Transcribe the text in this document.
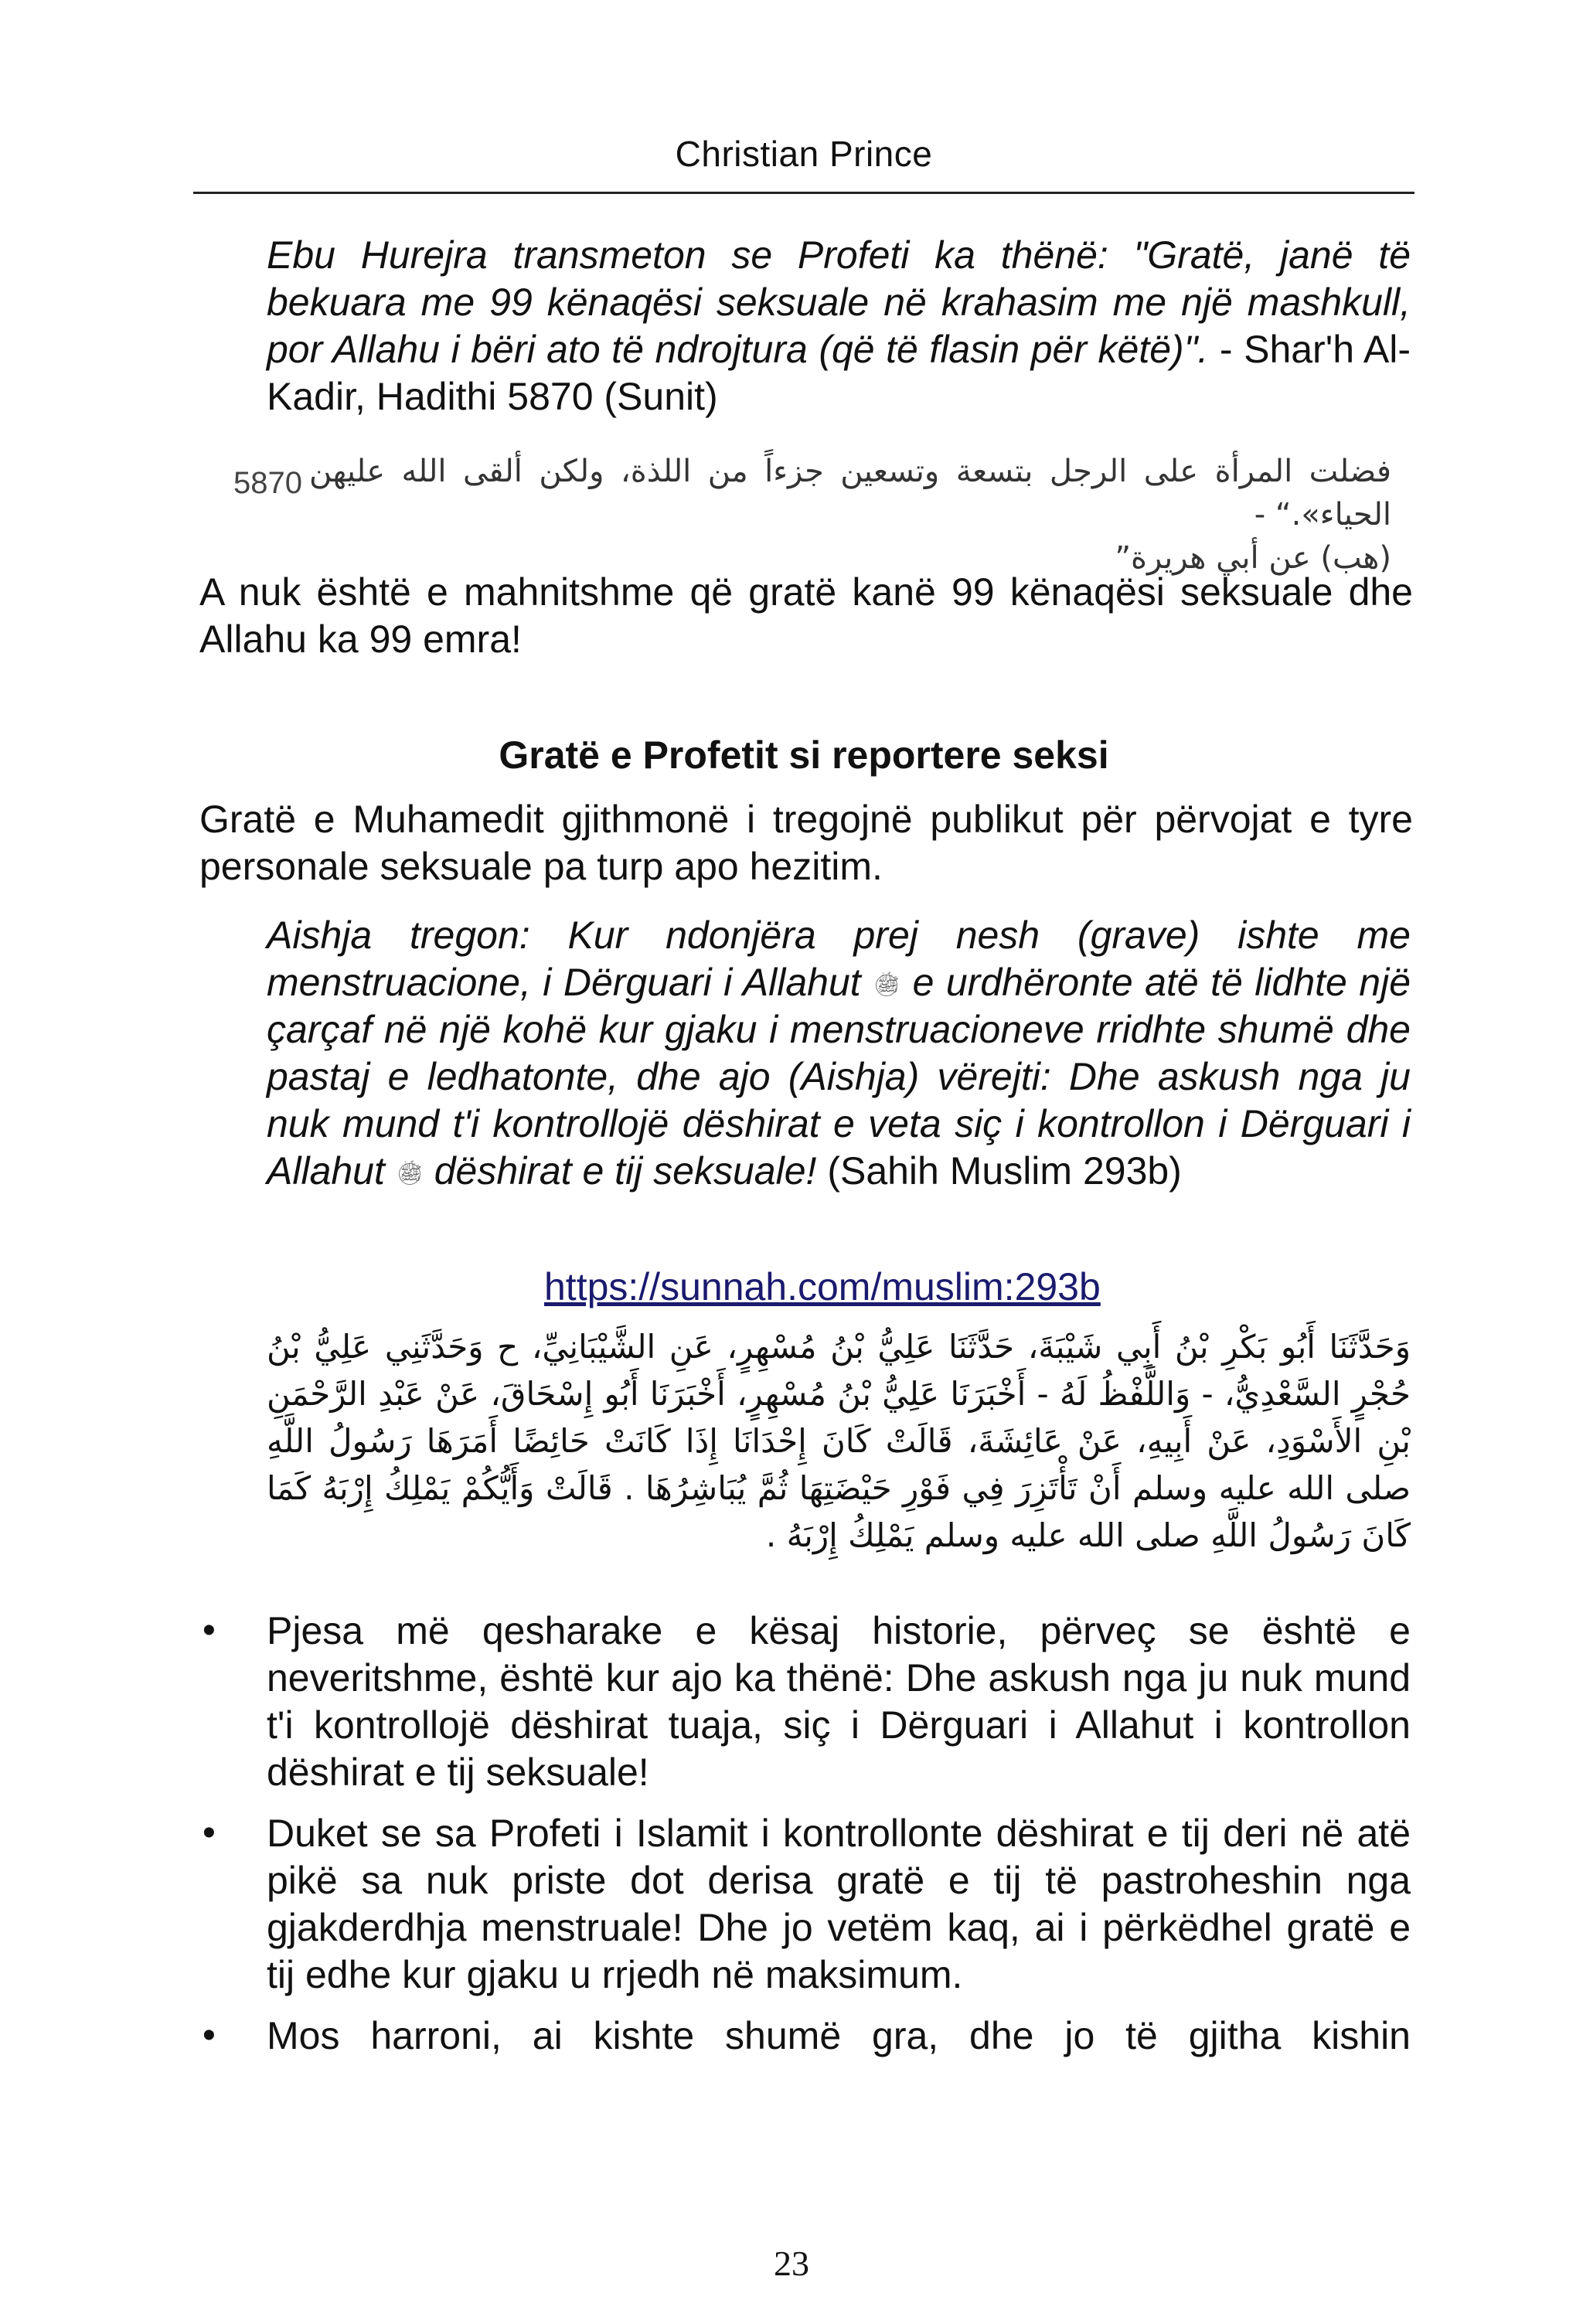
Christian Prince
Ebu Hurejra transmeton se Profeti ka thënë: "Gratë, janë të bekuara me 99 kënaqësi seksuale në krahasim me një mashkull, por Allahu i bëri ato të ndrojtura (që të flasin për këtë)". - Shar'h Al-Kadir, Hadithi 5870 (Sunit)
فضلت المرأة على الرجل بتسعة وتسعين جزءاً من اللذة، ولكن ألقى الله عليهن الحياء».“ -
(هب) عن أبي هريرة”
5870
A nuk është e mahnitshme që gratë kanë 99 kënaqësi seksuale dhe Allahu ka 99 emra!
Gratë e Profetit si reportere seksi
Gratë e Muhamedit gjithmonë i tregojnë publikut për përvojat e tyre personale seksuale pa turp apo hezitim.
Aishja tregon: Kur ndonjëra prej nesh (grave) ishte me menstruacione, i Dërguari i Allahut ﷺ e urdhëronte atë të lidhte një çarçaf në një kohë kur gjaku i menstruacioneve rridhte shumë dhe pastaj e ledhatonte, dhe ajo (Aishja) vërejti: Dhe askush nga ju nuk mund t'i kontrollojë dëshirat e veta siç i kontrollon i Dërguari i Allahut ﷺ dëshirat e tij seksuale! (Sahih Muslim 293b)
https://sunnah.com/muslim:293b
وَحَدَّثَنَا أَبُو بَكْرِ بْنُ أَبِي شَيْبَةَ، حَدَّثَنَا عَلِيُّ بْنُ مُسْهِرٍ، عَنِ الشَّيْبَانِيِّ، ح وَحَدَّثَنِي عَلِيُّ بْنُ حُجْرٍ السَّعْدِيُّ، - وَاللَّفْظُ لَهُ - أَخْبَرَنَا عَلِيُّ بْنُ مُسْهِرٍ، أَخْبَرَنَا أَبُو إِسْحَاقَ، عَنْ عَبْدِ الرَّحْمَنِ بْنِ الأَسْوَدِ، عَنْ أَبِيهِ، عَنْ عَائِشَةَ، قَالَتْ كَانَ إِحْدَانَا إِذَا كَانَتْ حَائِضًا أَمَرَهَا رَسُولُ اللَّهِ صلى الله عليه وسلم أَنْ تَأْتَزِرَ فِي فَوْرِ حَيْضَتِهَا ثُمَّ يُبَاشِرُهَا ‏.‏ قَالَتْ وَأَيُّكُمْ يَمْلِكُ إِرْبَهُ كَمَا كَانَ رَسُولُ اللَّهِ صلى الله عليه وسلم يَمْلِكُ إِرْبَهُ ‏.
• Pjesa më qesharake e kësaj historie, përveç se është e neveritshme, është kur ajo ka thënë: Dhe askush nga ju nuk mund t'i kontrollojë dëshirat tuaja, siç i Dërguari i Allahut i kontrollon dëshirat e tij seksuale!
• Duket se sa Profeti i Islamit i kontrollonte dëshirat e tij deri në atë pikë sa nuk priste dot derisa gratë e tij të pastroheshin nga gjakderdhja menstruale! Dhe jo vetëm kaq, ai i përkëdhel gratë e tij edhe kur gjaku u rrjedh në maksimum.
• Mos harroni, ai kishte shumë gra, dhe jo të gjitha kishin
23
